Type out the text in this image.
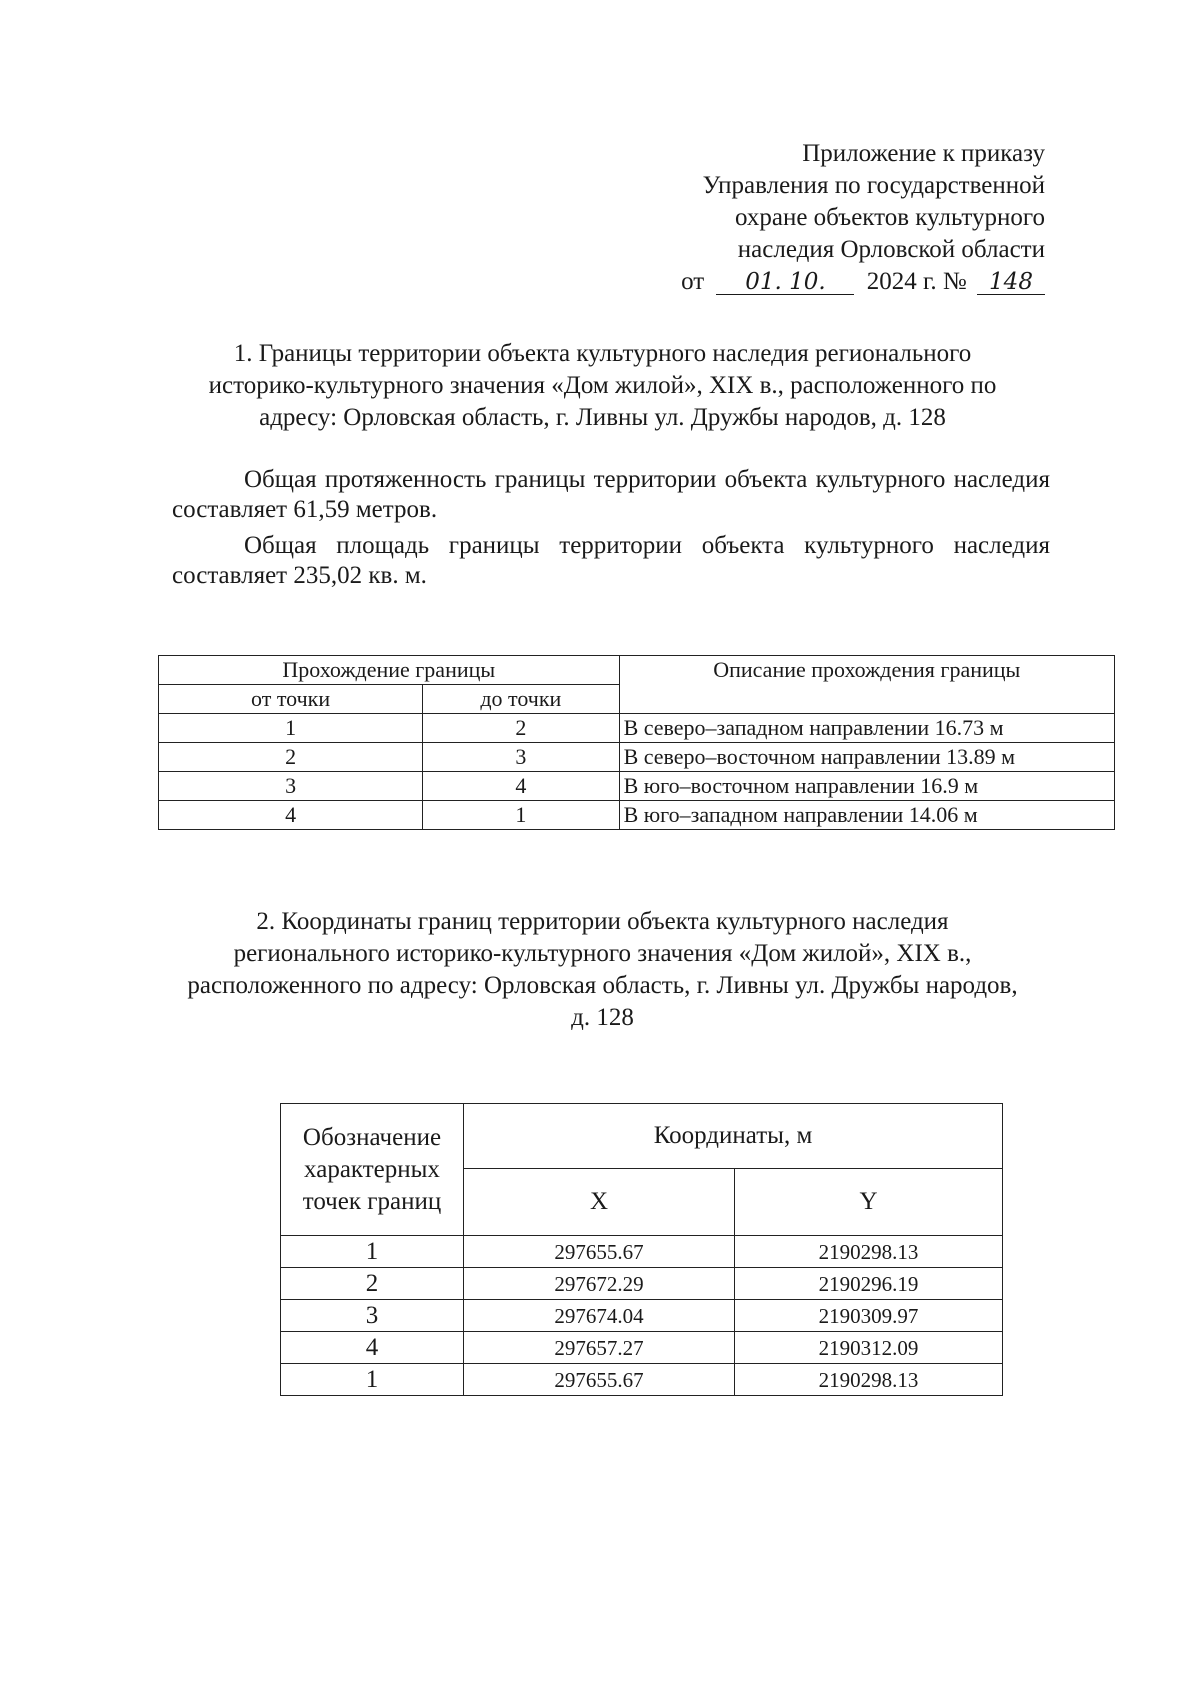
Приложение к приказу
Управления по государственной
охране объектов культурного
наследия Орловской области
от 01. 10. 2024 г. № 148
1. Границы территории объекта культурного наследия регионального
историко-культурного значения «Дом жилой», XIX в., расположенного по
адресу: Орловская область, г. Ливны ул. Дружбы народов, д. 128
Общая протяженность границы территории объекта культурного наследия составляет 61,59 метров.
Общая площадь границы территории объекта культурного наследия составляет 235,02 кв. м.
Прохождение границы		Описание прохождения границы
от точки	до точки	
1	2	В северо–западном направлении 16.73 м
2	3	В северо–восточном направлении 13.89 м
3	4	В юго–восточном направлении 16.9 м
4	1	В юго–западном направлении 14.06 м
2. Координаты границ территории объекта культурного наследия
регионального историко-культурного значения «Дом жилой», XIX в.,
расположенного по адресу: Орловская область, г. Ливны ул. Дружбы народов,
д. 128
Обозначение характерных точек границ	Координаты, м	
	X	Y
1	297655.67	2190298.13
2	297672.29	2190296.19
3	297674.04	2190309.97
4	297657.27	2190312.09
1	297655.67	2190298.13
